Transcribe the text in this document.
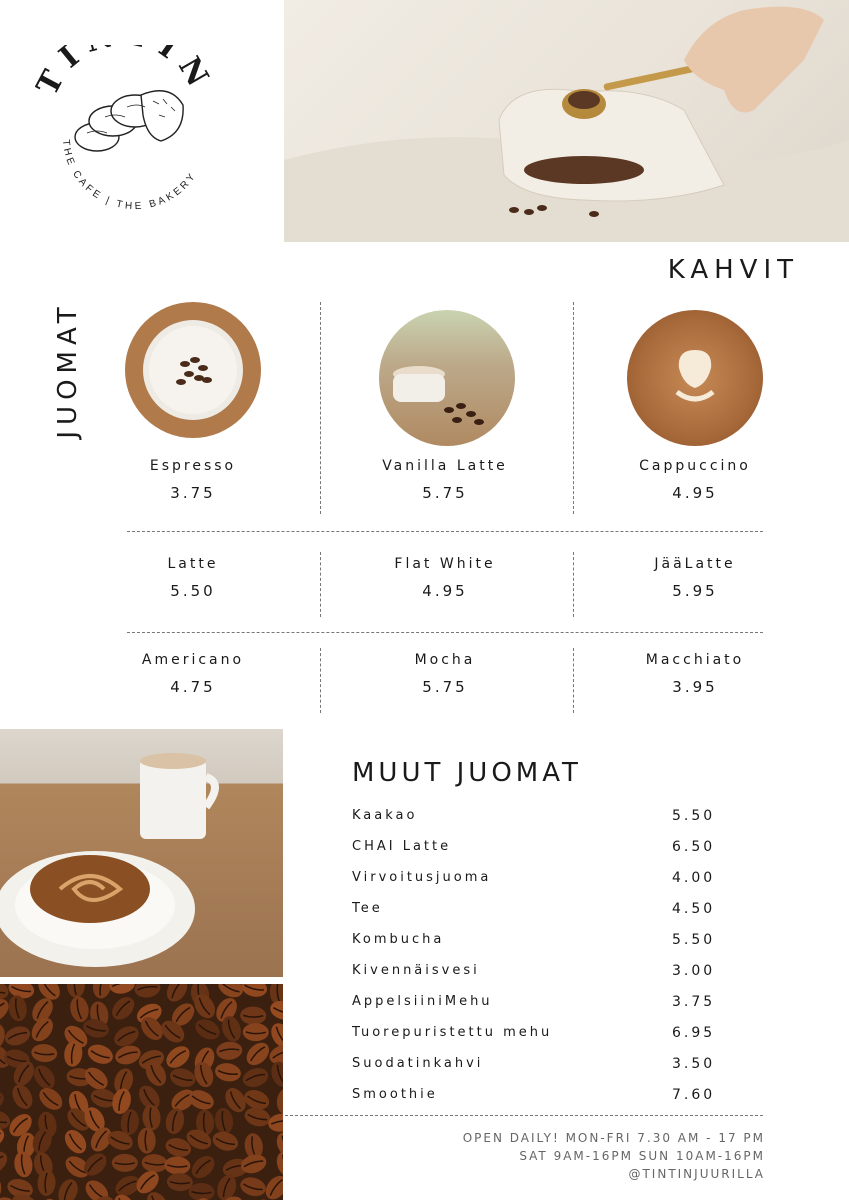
I I
THE CAFE | THE BAKERY
JUOMAT
KAHVIT
Espresso
3.75
Vanilla Latte
5.75
Cappuccino
4.95
Latte
5.50
Flat White
4.95
JääLatte
5.95
Americano
4.75
Mocha
5.75
Macchiato
3.95
MUUT JUOMAT
Kaakao	5.50
CHAI Latte	6.50
Virvoitusjuoma	4.00
Tee	4.50
Kombucha	5.50
Kivennäisvesi	3.00
AppelsiiniMehu	3.75
Tuorepuristettu mehu	6.95
Suodatinkahvi	3.50
Smoothie	7.60
OPEN DAILY! MON-FRI 7.30 AM - 17 PM
SAT 9AM-16PM SUN 10AM-16PM
@TINTINJUURILLA
